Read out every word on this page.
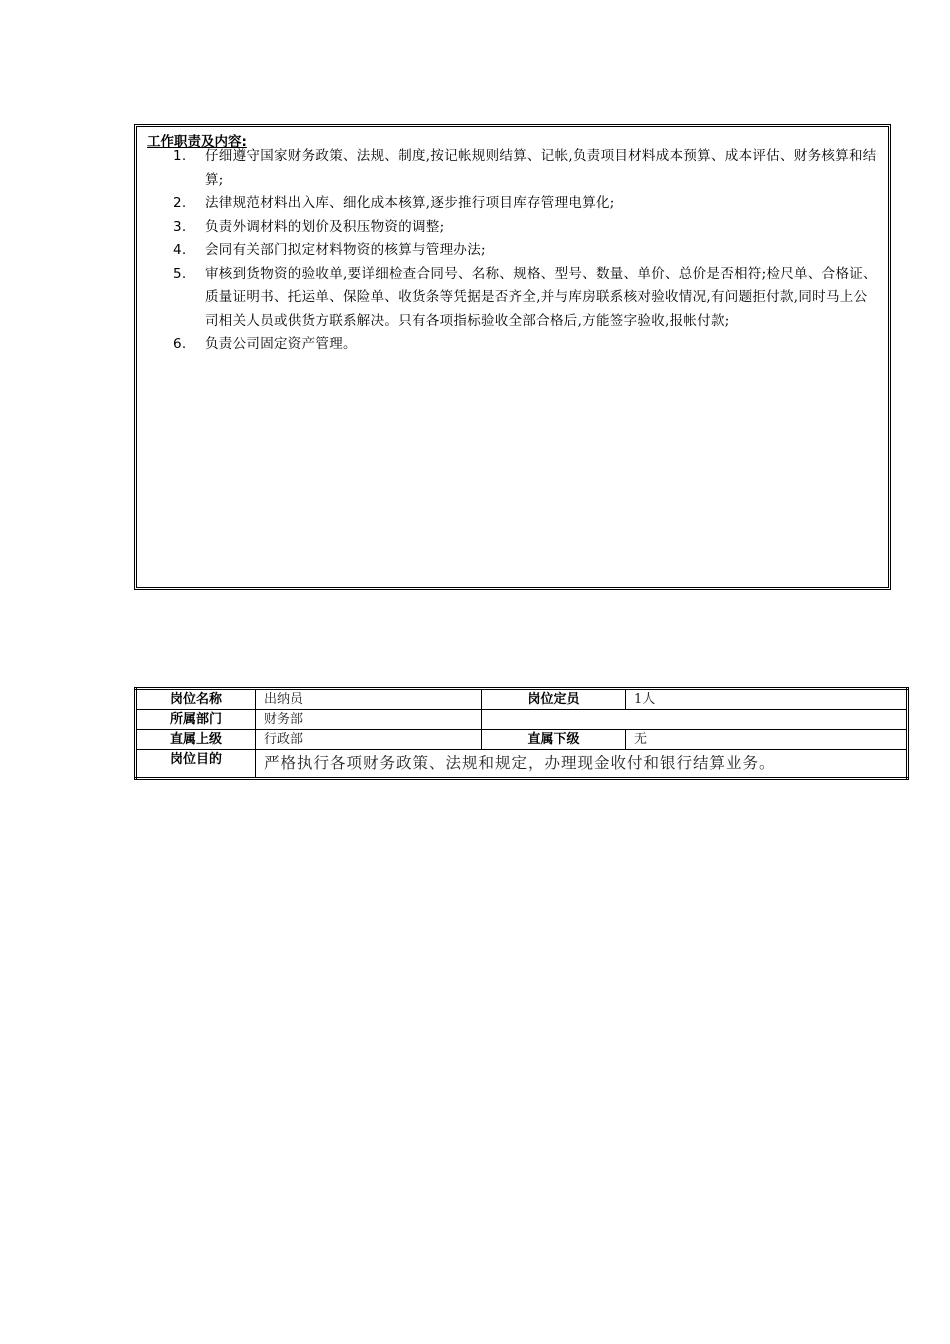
工作职责及内容:
1. 仔细遵守国家财务政策、法规、制度,按记帐规则结算、记帐,负责项目材料成本预算、成本评估、财务核算和结算;
2. 法律规范材料出入库、细化成本核算,逐步推行项目库存管理电算化;
3. 负责外调材料的划价及积压物资的调整;
4. 会同有关部门拟定材料物资的核算与管理办法;
5. 审核到货物资的验收单,要详细检查合同号、名称、规格、型号、数量、单价、总价是否相符;检尺单、合格证、质量证明书、托运单、保险单、收货条等凭据是否齐全,并与库房联系核对验收情况,有问题拒付款,同时马上公司相关人员或供货方联系解决。只有各项指标验收全部合格后,方能签字验收,报帐付款;
6. 负责公司固定资产管理。
岗位名称	出纳员	岗位定员	1人
所属部门	财务部		
直属上级	行政部	直属下级	无
岗位目的	严格执行各项财务政策、法规和规定，办理现金收付和银行结算业务。		
